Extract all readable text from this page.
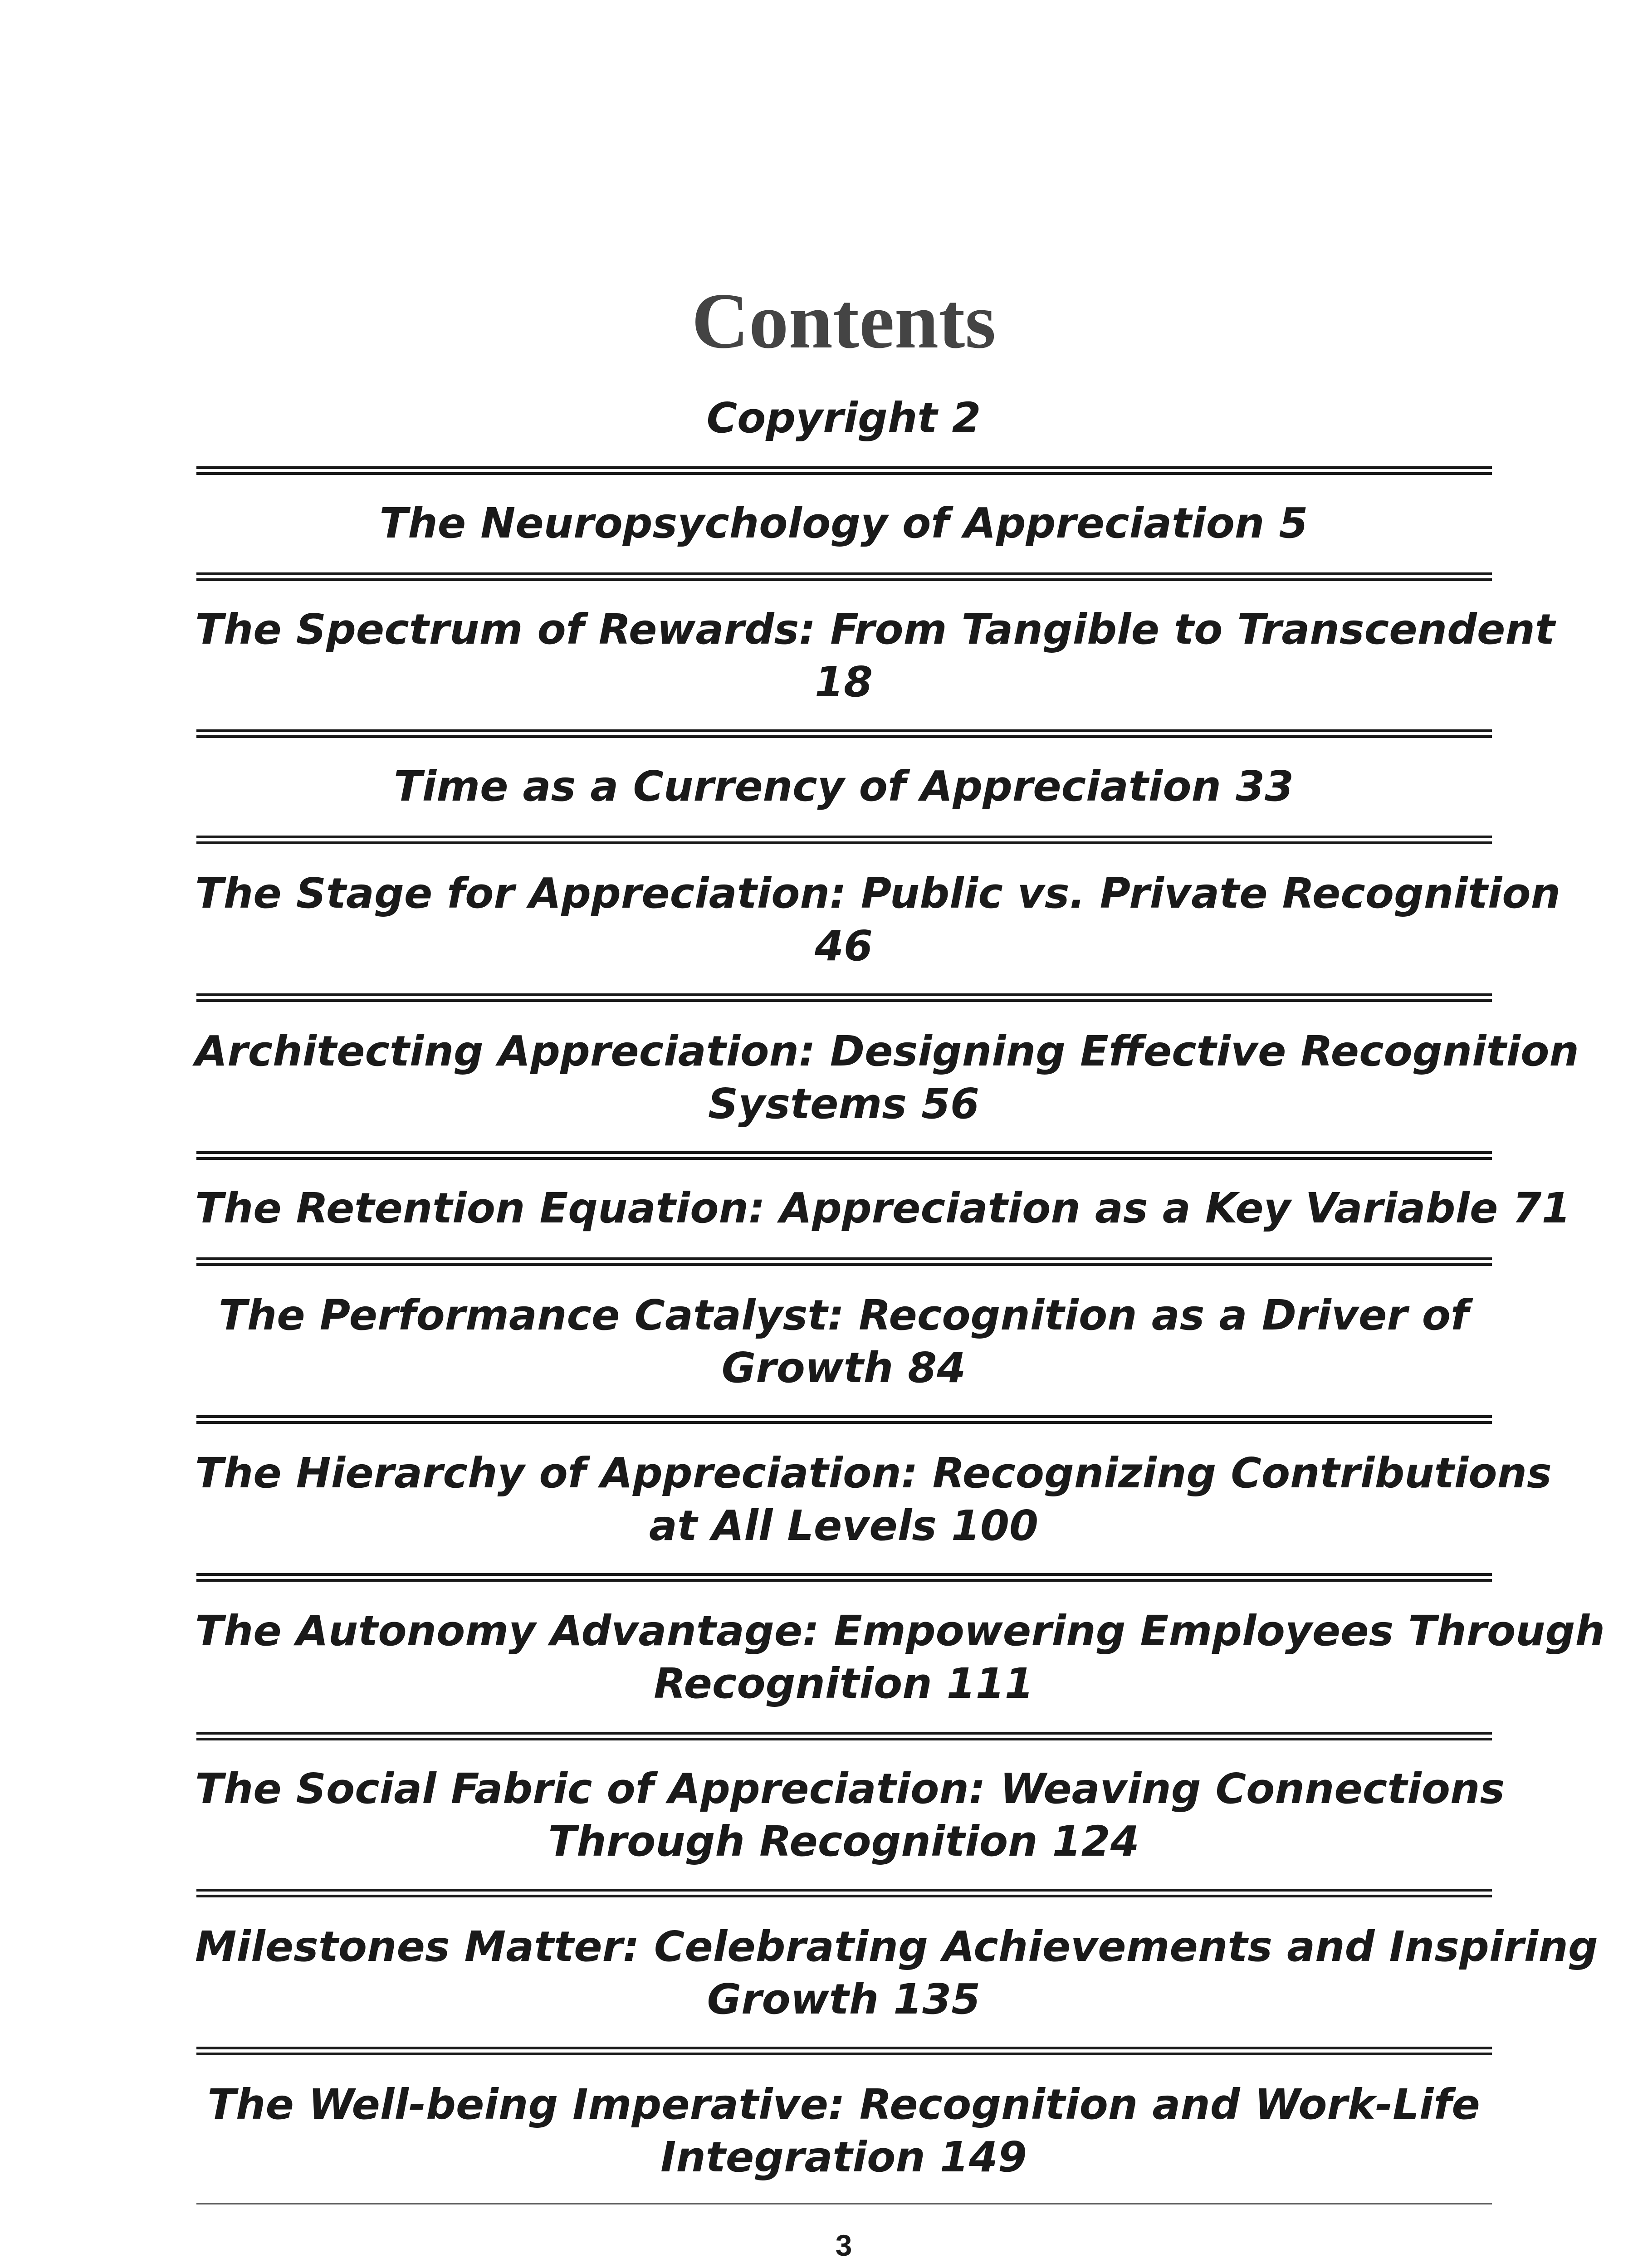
Contents
Copyright 2
The Neuropsychology of Appreciation 5
The Spectrum of Rewards: From Tangible to Transcendent
18
Time as a Currency of Appreciation 33
The Stage for Appreciation: Public vs. Private Recognition
46
Architecting Appreciation: Designing Effective Recognition
Systems 56
The Retention Equation: Appreciation as a Key Variable 71
The Performance Catalyst: Recognition as a Driver of
Growth 84
The Hierarchy of Appreciation: Recognizing Contributions
at All Levels 100
The Autonomy Advantage: Empowering Employees Through
Recognition 111
The Social Fabric of Appreciation: Weaving Connections
Through Recognition 124
Milestones Matter: Celebrating Achievements and Inspiring
Growth 135
The Well-being Imperative: Recognition and Work-Life
Integration 149
3
